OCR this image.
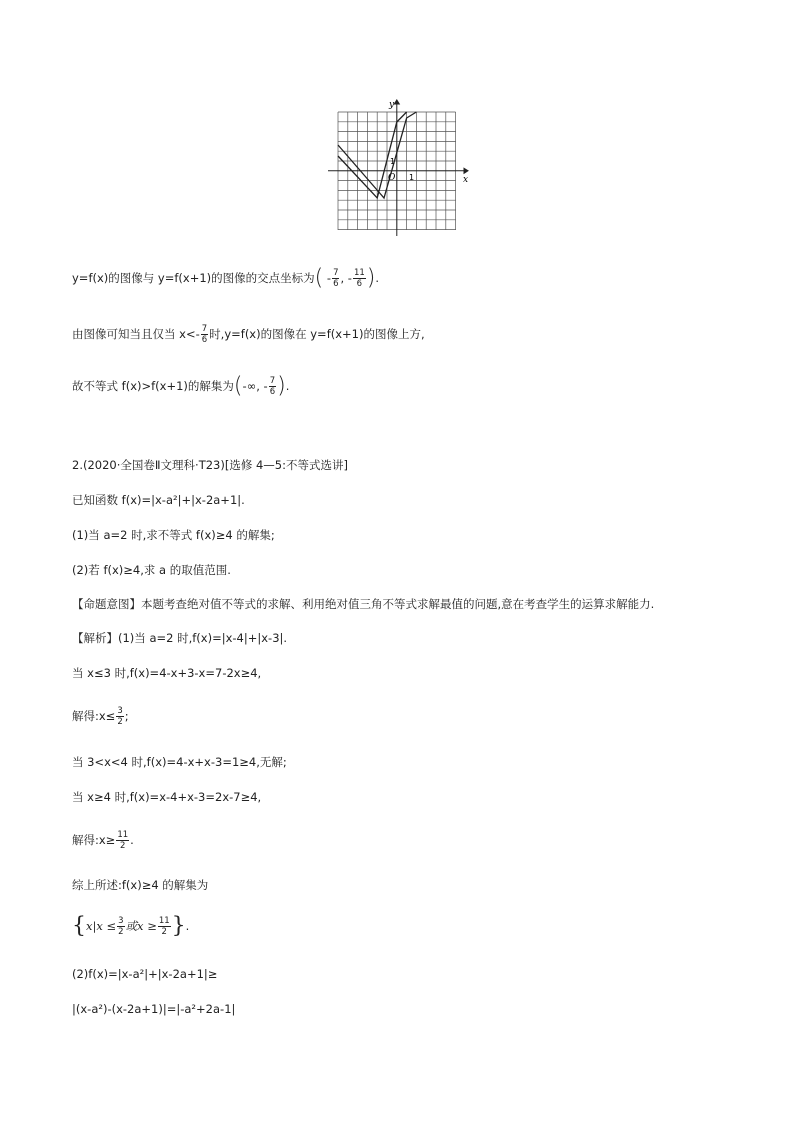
y
x
O 1
1
y=f(x)的图像与 y=f(x+1)的图像的交点坐标为( - $\frac{7}{6}$ , - $\frac{11}{6}$ ).
由图像可知当且仅当 $x<- \frac{7}{6}$ 时,y=f(x)的图像在 y=f(x+1)的图像上方,
故不等式 f(x)>f(x+1)的解集为(-∞, - $\frac{7}{6}$ ).
2.(2020·全国卷Ⅱ文理科·T23)[选修 4—5:不等式选讲]
已知函数 f(x)=|x-a²|+|x-2a+1|.
(1)当 a=2 时,求不等式 f(x)≥4 的解集;
(2)若 f(x)≥4,求 a 的取值范围.
【命题意图】本题考查绝对值不等式的求解、利用绝对值三角不等式求解最值的问题,意在考查学生的运算求解能力.
【解析】(1)当 a=2 时,f(x)=|x-4|+|x-3|.
当 x≤3 时,f(x)=4-x+3-x=7-2x≥4,
解得:x≤ $\frac{3}{2}$ ;
当 3<x<4 时,f(x)=4-x+x-3=1≥4,无解;
当 x≥4 时,f(x)=x-4+x-3=2x-7≥4,
解得:x≥ $\frac{11}{2}$ .
综上所述:f(x)≥4 的解集为
{$x|x \le \frac{3}{2}$ 或$x \ge \frac{11}{2}$ }.
(2)f(x)=|x-a²|+|x-2a+1|≥
|(x-a²)-(x-2a+1)|=|-a²+2a-1|
